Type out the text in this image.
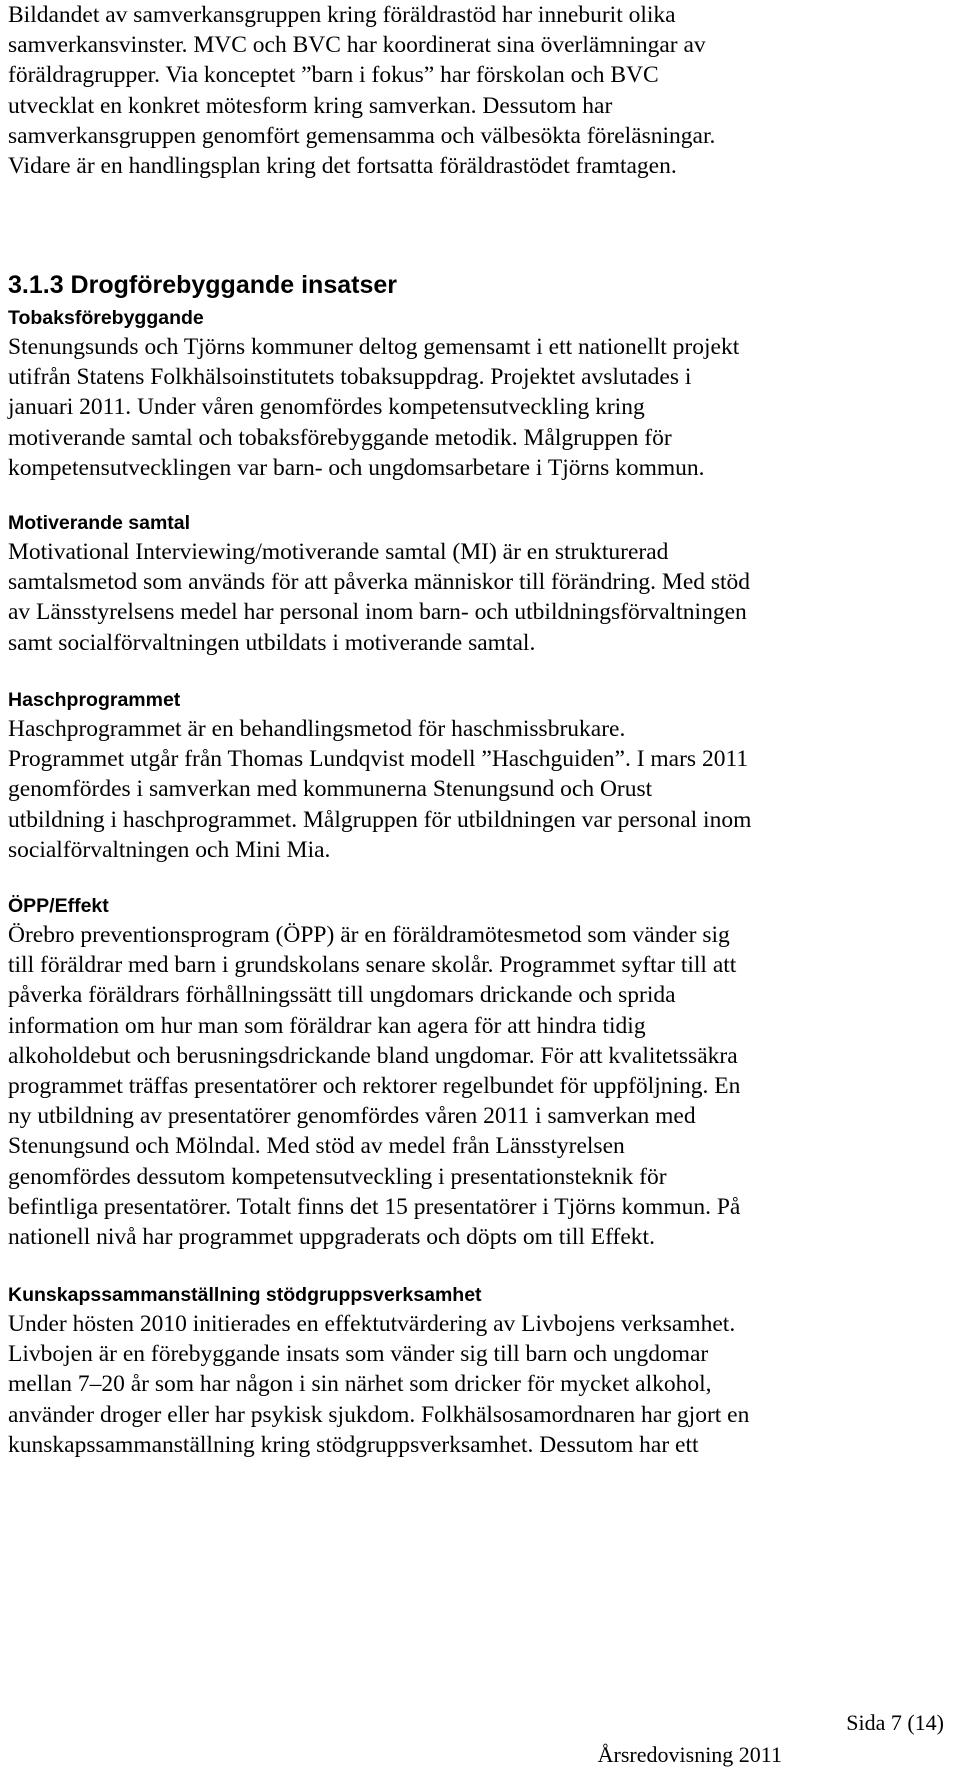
Bildandet av samverkansgruppen kring föräldrastöd har inneburit olika
samverkansvinster. MVC och BVC har koordinerat sina överlämningar av
föräldragrupper. Via konceptet ”barn i fokus” har förskolan och BVC
utvecklat en konkret mötesform kring samverkan. Dessutom har
samverkansgruppen genomfört gemensamma och välbesökta föreläsningar.
Vidare är en handlingsplan kring det fortsatta föräldrastödet framtagen.
3.1.3 Drogförebyggande insatser
Tobaksförebyggande
Stenungsunds och Tjörns kommuner deltog gemensamt i ett nationellt projekt
utifrån Statens Folkhälsoinstitutets tobaksuppdrag. Projektet avslutades i
januari 2011. Under våren genomfördes kompetensutveckling kring
motiverande samtal och tobaksförebyggande metodik. Målgruppen för
kompetensutvecklingen var barn- och ungdomsarbetare i Tjörns kommun.
Motiverande samtal
Motivational Interviewing/motiverande samtal (MI) är en strukturerad
samtalsmetod som används för att påverka människor till förändring. Med stöd
av Länsstyrelsens medel har personal inom barn- och utbildningsförvaltningen
samt socialförvaltningen utbildats i motiverande samtal.
Haschprogrammet
Haschprogrammet är en behandlingsmetod för haschmissbrukare.
Programmet utgår från Thomas Lundqvist modell ”Haschguiden”. I mars 2011
genomfördes i samverkan med kommunerna Stenungsund och Orust
utbildning i haschprogrammet. Målgruppen för utbildningen var personal inom
socialförvaltningen och Mini Mia.
ÖPP/Effekt
Örebro preventionsprogram (ÖPP) är en föräldramötesmetod som vänder sig
till föräldrar med barn i grundskolans senare skolår. Programmet syftar till att
påverka föräldrars förhållningssätt till ungdomars drickande och sprida
information om hur man som föräldrar kan agera för att hindra tidig
alkoholdebut och berusningsdrickande bland ungdomar. För att kvalitetssäkra
programmet träffas presentatörer och rektorer regelbundet för uppföljning. En
ny utbildning av presentatörer genomfördes våren 2011 i samverkan med
Stenungsund och Mölndal. Med stöd av medel från Länsstyrelsen
genomfördes dessutom kompetensutveckling i presentationsteknik för
befintliga presentatörer. Totalt finns det 15 presentatörer i Tjörns kommun. På
nationell nivå har programmet uppgraderats och döpts om till Effekt.
Kunskapssammanställning stödgruppsverksamhet
Under hösten 2010 initierades en effektutvärdering av Livbojens verksamhet.
Livbojen är en förebyggande insats som vänder sig till barn och ungdomar
mellan 7–20 år som har någon i sin närhet som dricker för mycket alkohol,
använder droger eller har psykisk sjukdom. Folkhälsosamordnaren har gjort en
kunskapssammanställning kring stödgruppsverksamhet. Dessutom har ett
Sida 7 (14)
Årsredovisning 2011
